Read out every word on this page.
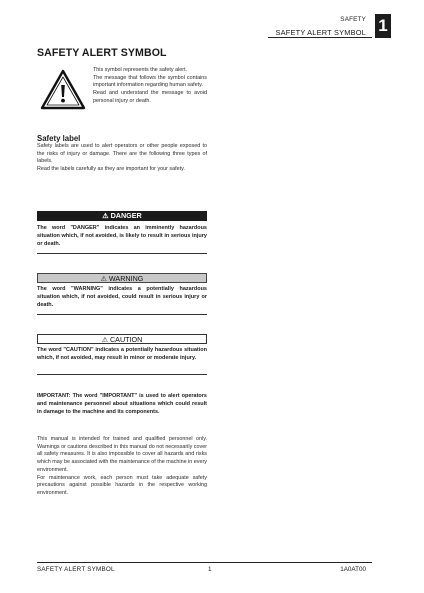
SAFETY
SAFETY ALERT SYMBOL 1
SAFETY ALERT SYMBOL

This symbol represents the safety alert.

The message that follows the symbol contains important information regarding human safety.

Read and understand the message to avoid personal injury or death.

Safety label

Safety labels are used to alert operators or other people exposed to the risks of injury or damage. There are the following three types of labels.

Read the labels carefully as they are important for your safety.

⚠ DANGER
The word "DANGER" indicates an imminently hazardous situation which, if not avoided, is likely to result in serious injury or death.
⚠ WARNING
The word "WARNING" indicates a potentially hazardous situation which, if not avoided, could result in serious injury or death.
⚠ CAUTION
The word "CAUTION" indicates a potentially hazardous situation which, if not avoided, may result in minor or moderate injury.
IMPORTANT: The word "IMPORTANT" is used to alert operators and maintenance personnel about situations which could result in damage to the machine and its components.

This manual is intended for trained and qualified personnel only. Warnings or cautions described in this manual do not necessarily cover all safety measures. It is also impossible to cover all hazards and risks which may be associated with the maintenance of the machine in every environment.

For maintenance work, each person must take adequate safety precautions against possible hazards in the respective working environment.

SAFETY ALERT SYMBOL	1	1A0AT00
